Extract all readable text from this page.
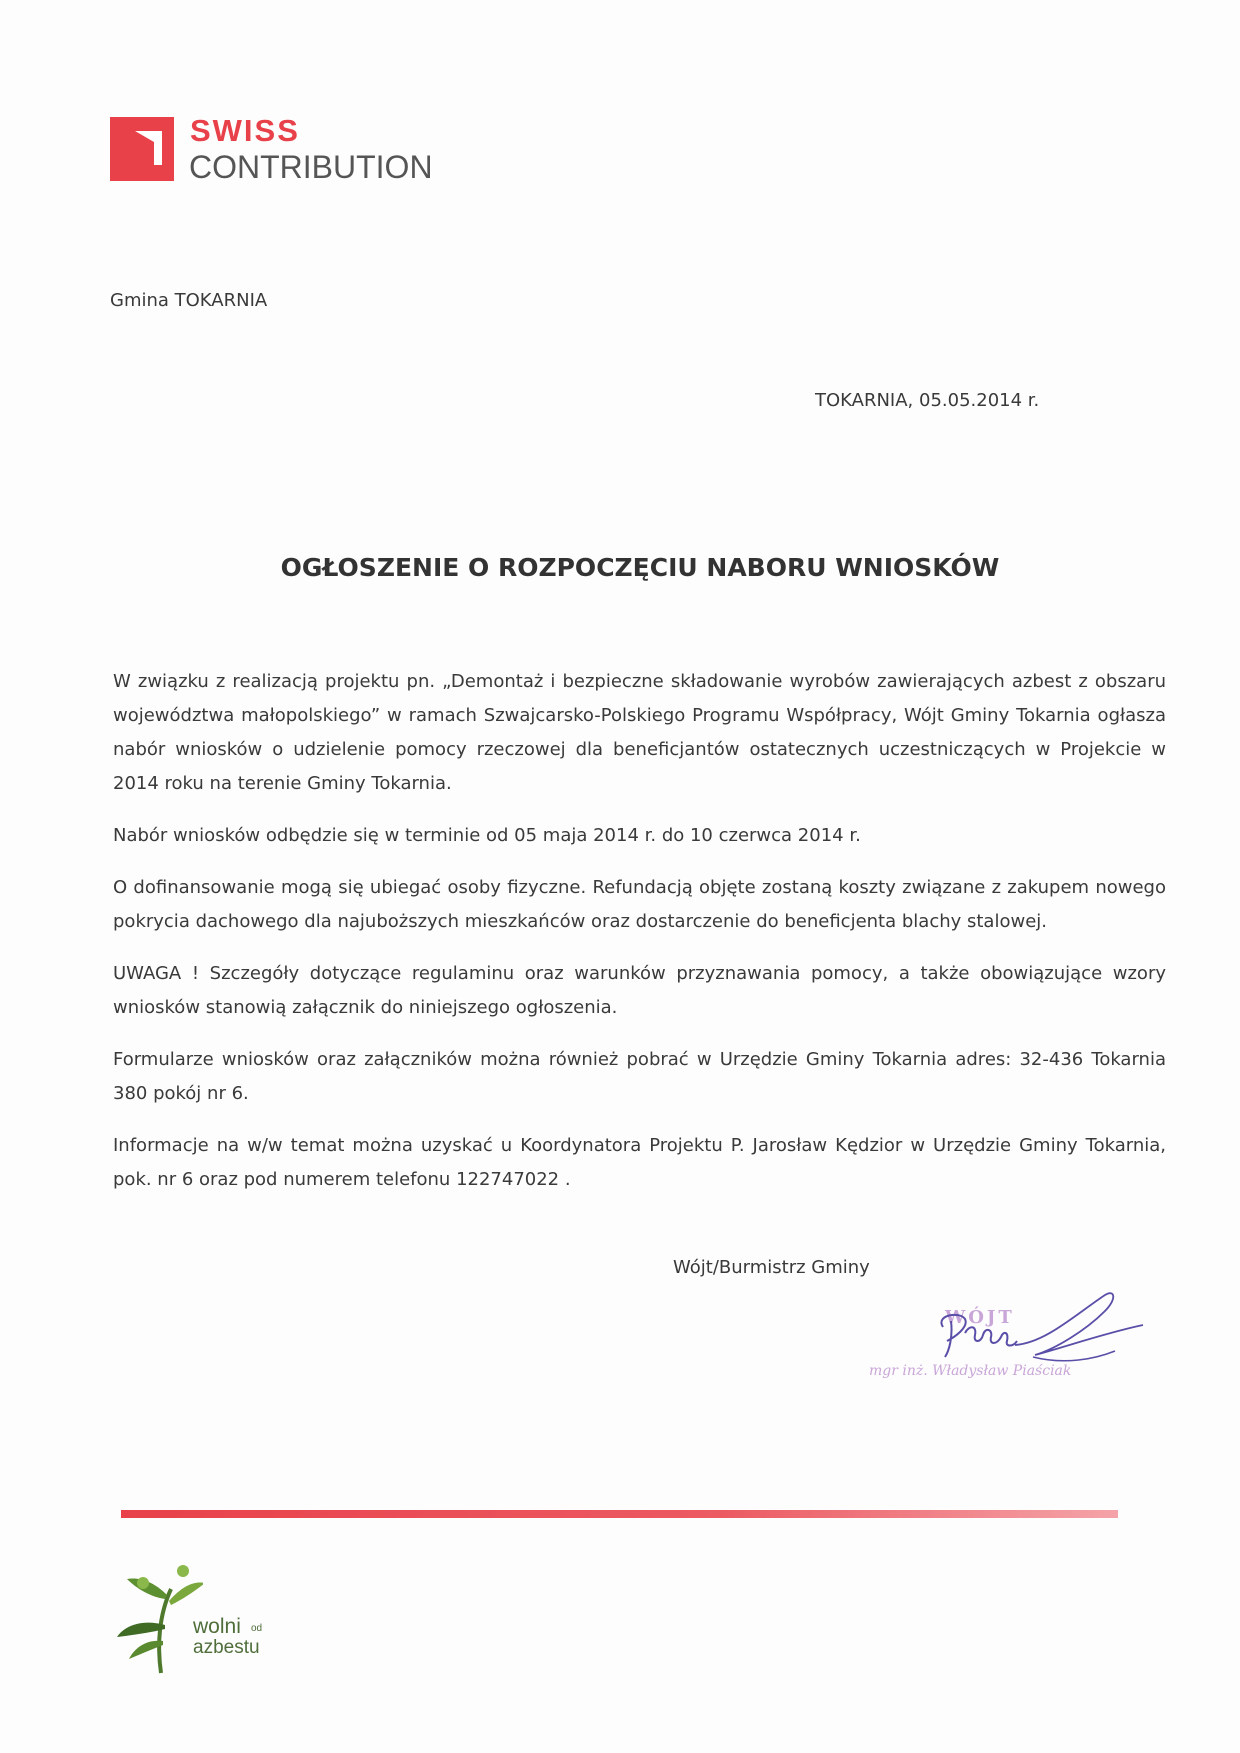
SWISS
CONTRIBUTION
Gmina TOKARNIA
TOKARNIA, 05.05.2014 r.
OGŁOSZENIE O ROZPOCZĘCIU NABORU WNIOSKÓW

W związku z realizacją projektu pn. „Demontaż i bezpieczne składowanie wyrobów zawierających azbest z obszaru województwa małopolskiego” w ramach Szwajcarsko-Polskiego Programu Współpracy, Wójt Gminy Tokarnia ogłasza nabór wniosków o udzielenie pomocy rzeczowej dla beneficjantów ostatecznych uczestniczących w Projekcie w 2014 roku na terenie Gminy Tokarnia.

Nabór wniosków odbędzie się w terminie od 05 maja 2014 r. do 10 czerwca 2014 r.

O dofinansowanie mogą się ubiegać osoby fizyczne. Refundacją objęte zostaną koszty związane z zakupem nowego pokrycia dachowego dla najuboższych mieszkańców oraz dostarczenie do beneficjenta blachy stalowej.

UWAGA ! Szczegóły dotyczące regulaminu oraz warunków przyznawania pomocy, a także obowiązujące wzory wniosków stanowią załącznik do niniejszego ogłoszenia.

Formularze wniosków oraz załączników można również pobrać w Urzędzie Gminy Tokarnia adres: 32-436 Tokarnia 380 pokój nr 6.

Informacje na w/w temat można uzyskać u Koordynatora Projektu P. Jarosław Kędzior w Urzędzie Gminy Tokarnia, pok. nr 6 oraz pod numerem telefonu 122747022 .

Wójt/Burmistrz Gminy
WÓJT
mgr inż. Władysław Piaściak
wolni od
azbestu
